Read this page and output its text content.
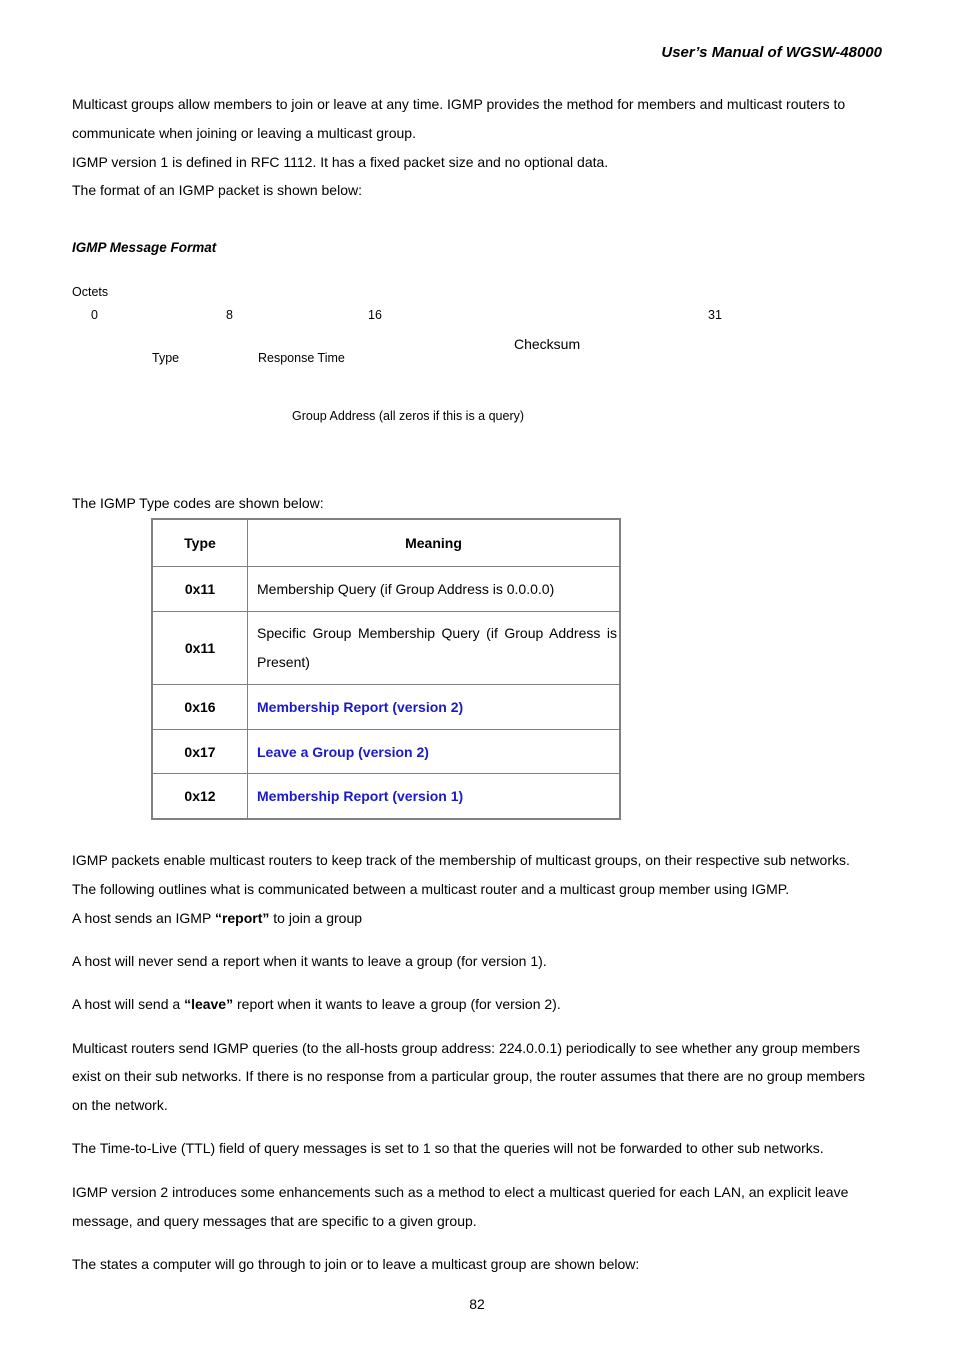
User’s Manual of WGSW-48000
Multicast groups allow members to join or leave at any time. IGMP provides the method for members and multicast routers to
communicate when joining or leaving a multicast group.
IGMP version 1 is defined in RFC 1112. It has a fixed packet size and no optional data.
The format of an IGMP packet is shown below:
IGMP Message Format
Octets
0	8	16	31
Checksum
Type	Response Time
Group Address (all zeros if this is a query)
The IGMP Type codes are shown below:
Type	Meaning
0x11	Membership Query (if Group Address is 0.0.0.0)
0x11	Specific Group Membership Query (if Group Address is Present)
0x16	Membership Report (version 2)
0x17	Leave a Group (version 2)
0x12	Membership Report (version 1)
IGMP packets enable multicast routers to keep track of the membership of multicast groups, on their respective sub networks.
The following outlines what is communicated between a multicast router and a multicast group member using IGMP.
A host sends an IGMP “report” to join a group
A host will never send a report when it wants to leave a group (for version 1).
A host will send a “leave” report when it wants to leave a group (for version 2).
Multicast routers send IGMP queries (to the all-hosts group address: 224.0.0.1) periodically to see whether any group members
exist on their sub networks. If there is no response from a particular group, the router assumes that there are no group members
on the network.
The Time-to-Live (TTL) field of query messages is set to 1 so that the queries will not be forwarded to other sub networks.
IGMP version 2 introduces some enhancements such as a method to elect a multicast queried for each LAN, an explicit leave
message, and query messages that are specific to a given group.
The states a computer will go through to join or to leave a multicast group are shown below:
82
